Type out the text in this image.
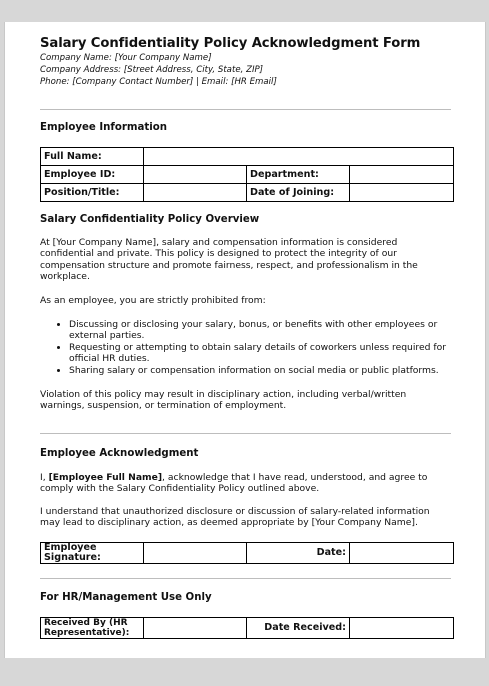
Salary Confidentiality Policy Acknowledgment Form
Company Name: [Your Company Name]
Company Address: [Street Address, City, State, ZIP]
Phone: [Company Contact Number] | Email: [HR Email]
Employee Information
Full Name:			
Employee ID:		Department:	
Position/Title:		Date of Joining:	
Salary Confidentiality Policy Overview
At [Your Company Name], salary and compensation information is considered confidential and private. This policy is designed to protect the integrity of our compensation structure and promote fairness, respect, and professionalism in the workplace.
As an employee, you are strictly prohibited from:
• Discussing or disclosing your salary, bonus, or benefits with other employees or external parties.
• Requesting or attempting to obtain salary details of coworkers unless required for official HR duties.
• Sharing salary or compensation information on social media or public platforms.
Violation of this policy may result in disciplinary action, including verbal/written warnings, suspension, or termination of employment.
Employee Acknowledgment
I, [Employee Full Name], acknowledge that I have read, understood, and agree to comply with the Salary Confidentiality Policy outlined above.
I understand that unauthorized disclosure or discussion of salary-related information may lead to disciplinary action, as deemed appropriate by [Your Company Name].
Employee Signature:		Date:	
For HR/Management Use Only
Received By (HR Representative):		Date Received:	
